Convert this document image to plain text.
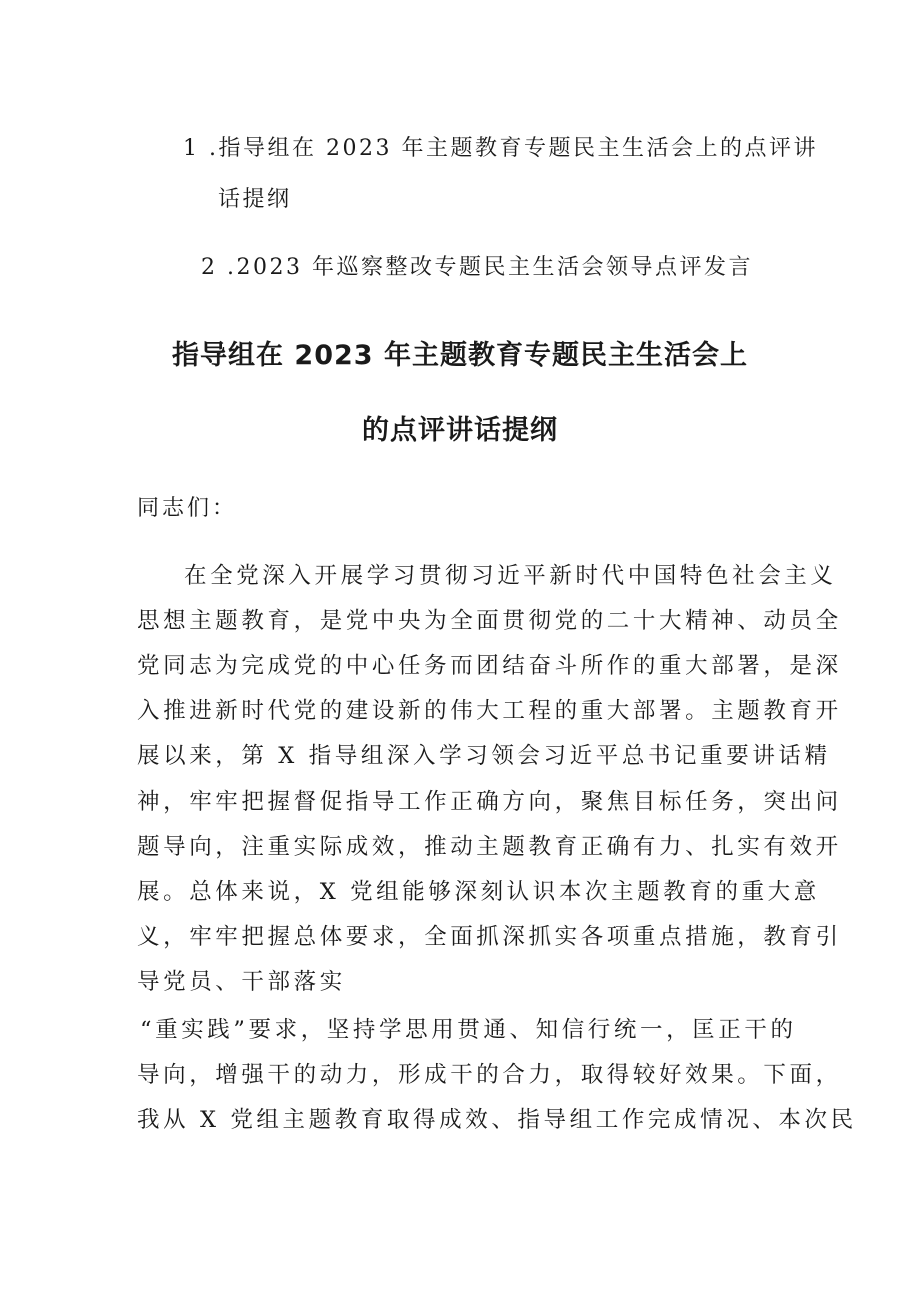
1 .指导组在 2023 年主题教育专题民主生活会上的点评讲
话提纲
2 .2023 年巡察整改专题民主生活会领导点评发言
指导组在 2023 年主题教育专题民主生活会上
的点评讲话提纲
同志们：
在全党深入开展学习贯彻习近平新时代中国特色社会主义
思想主题教育，是党中央为全面贯彻党的二十大精神、动员全
党同志为完成党的中心任务而团结奋斗所作的重大部署，是深
入推进新时代党的建设新的伟大工程的重大部署。主题教育开
展以来，第 X 指导组深入学习领会习近平总书记重要讲话精
神，牢牢把握督促指导工作正确方向，聚焦目标任务，突出问
题导向，注重实际成效，推动主题教育正确有力、扎实有效开
展。总体来说，X 党组能够深刻认识本次主题教育的重大意
义，牢牢把握总体要求，全面抓深抓实各项重点措施，教育引
导党员、干部落实
“重实践”要求，坚持学思用贯通、知信行统一，匡正干的
导向，增强干的动力，形成干的合力，取得较好效果。下面，
我从 X 党组主题教育取得成效、指导组工作完成情况、本次民
